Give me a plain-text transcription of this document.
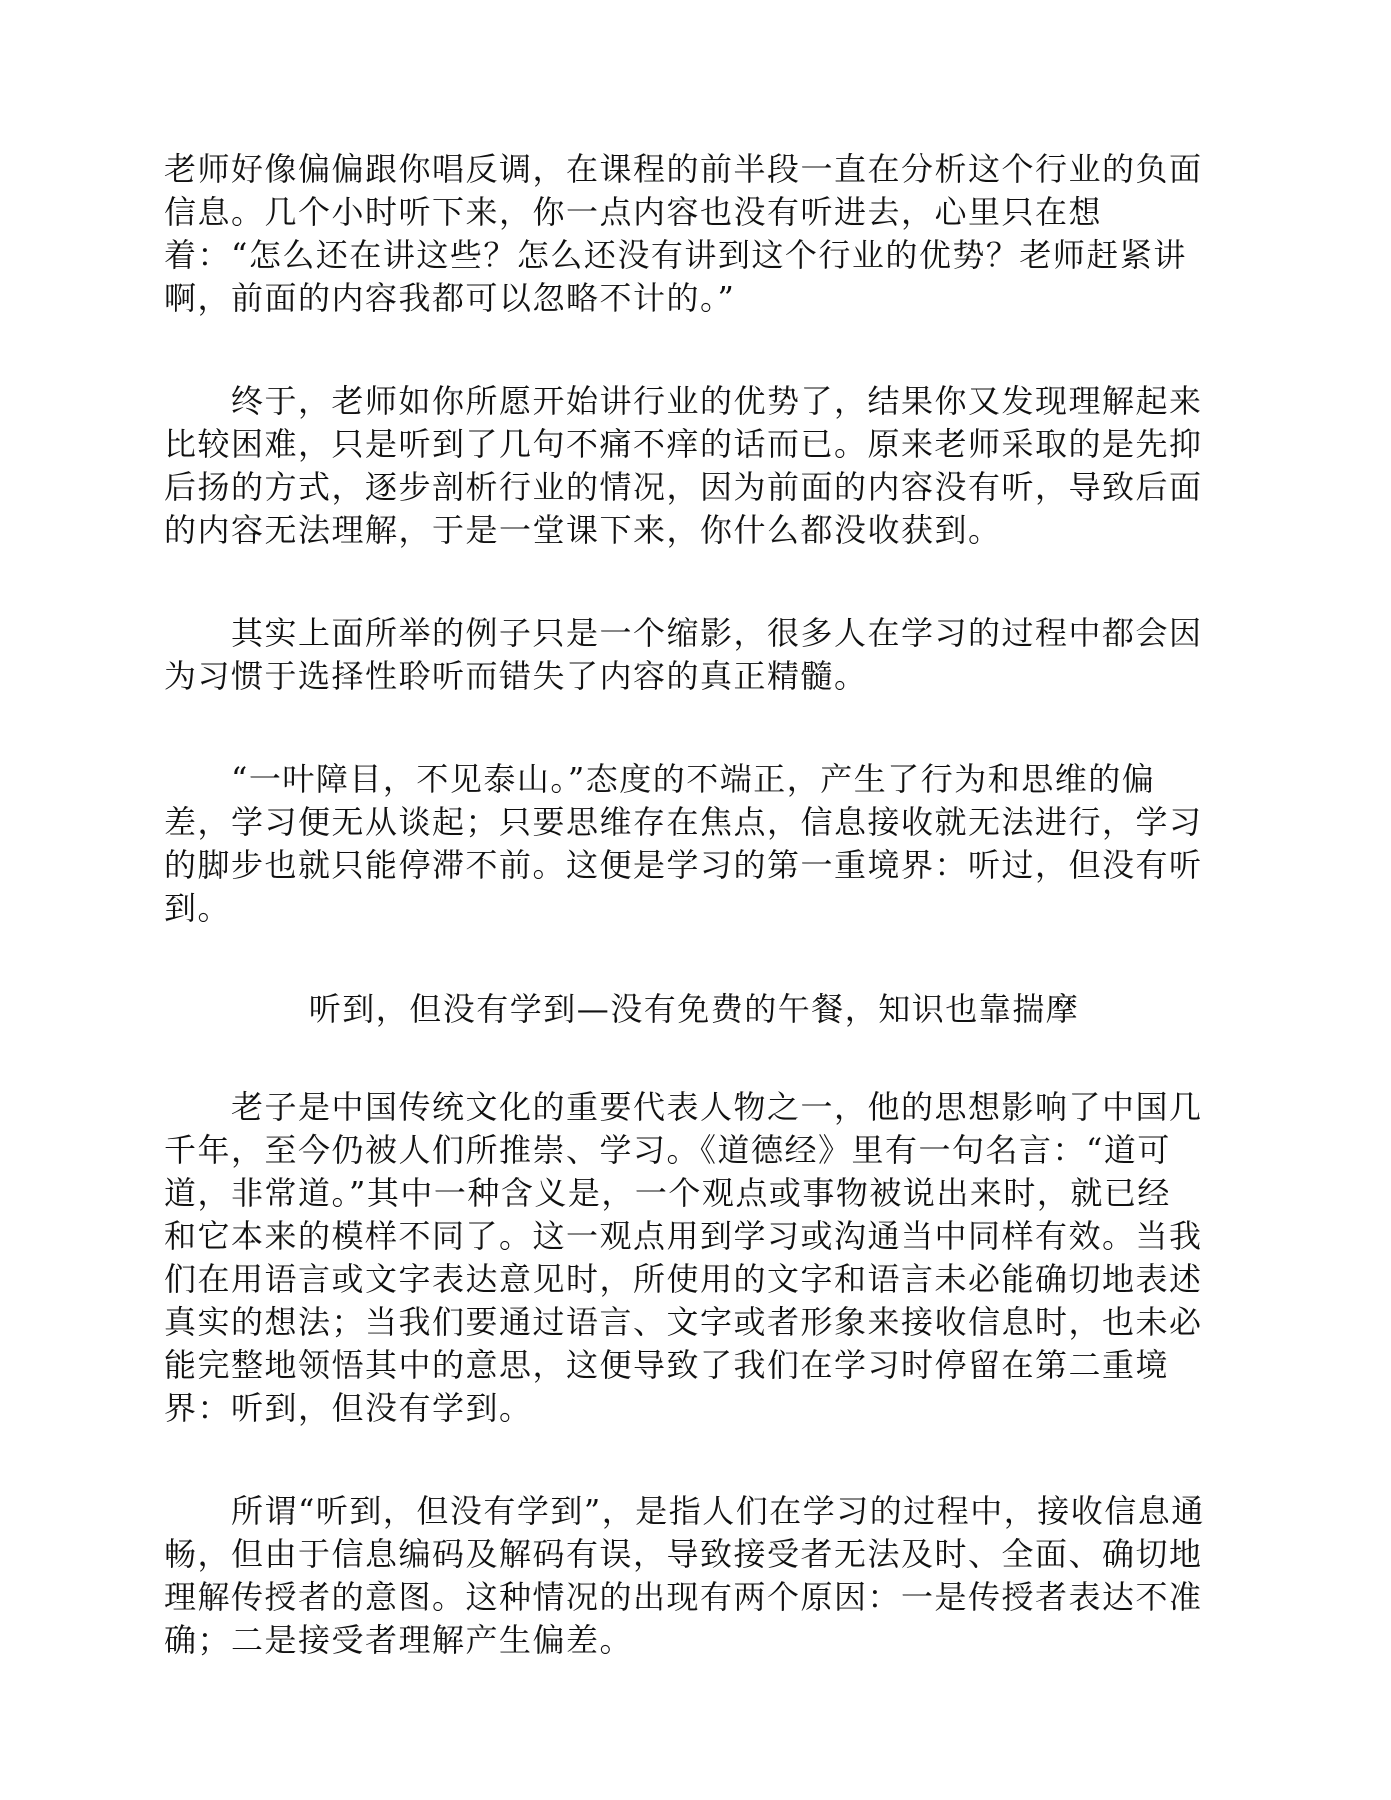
老师好像偏偏跟你唱反调，在课程的前半段一直在分析这个行业的负面
信息。几个小时听下来，你一点内容也没有听进去，心里只在想
着：“怎么还在讲这些？怎么还没有讲到这个行业的优势？老师赶紧讲
啊，前面的内容我都可以忽略不计的。”
　　终于，老师如你所愿开始讲行业的优势了，结果你又发现理解起来
比较困难，只是听到了几句不痛不痒的话而已。原来老师采取的是先抑
后扬的方式，逐步剖析行业的情况，因为前面的内容没有听，导致后面
的内容无法理解，于是一堂课下来，你什么都没收获到。
　　其实上面所举的例子只是一个缩影，很多人在学习的过程中都会因
为习惯于选择性聆听而错失了内容的真正精髓。
　　“一叶障目，不见泰山。”态度的不端正，产生了行为和思维的偏
差，学习便无从谈起；只要思维存在焦点，信息接收就无法进行，学习
的脚步也就只能停滞不前。这便是学习的第一重境界：听过，但没有听
到。
听到，但没有学到—没有免费的午餐，知识也靠揣摩
　　老子是中国传统文化的重要代表人物之一，他的思想影响了中国几
千年，至今仍被人们所推崇、学习。《道德经》里有一句名言：“道可
道，非常道。”其中一种含义是，一个观点或事物被说出来时，就已经
和它本来的模样不同了。这一观点用到学习或沟通当中同样有效。当我
们在用语言或文字表达意见时，所使用的文字和语言未必能确切地表述
真实的想法；当我们要通过语言、文字或者形象来接收信息时，也未必
能完整地领悟其中的意思，这便导致了我们在学习时停留在第二重境
界：听到，但没有学到。
　　所谓“听到，但没有学到”，是指人们在学习的过程中，接收信息通
畅，但由于信息编码及解码有误，导致接受者无法及时、全面、确切地
理解传授者的意图。这种情况的出现有两个原因：一是传授者表达不准
确；二是接受者理解产生偏差。
